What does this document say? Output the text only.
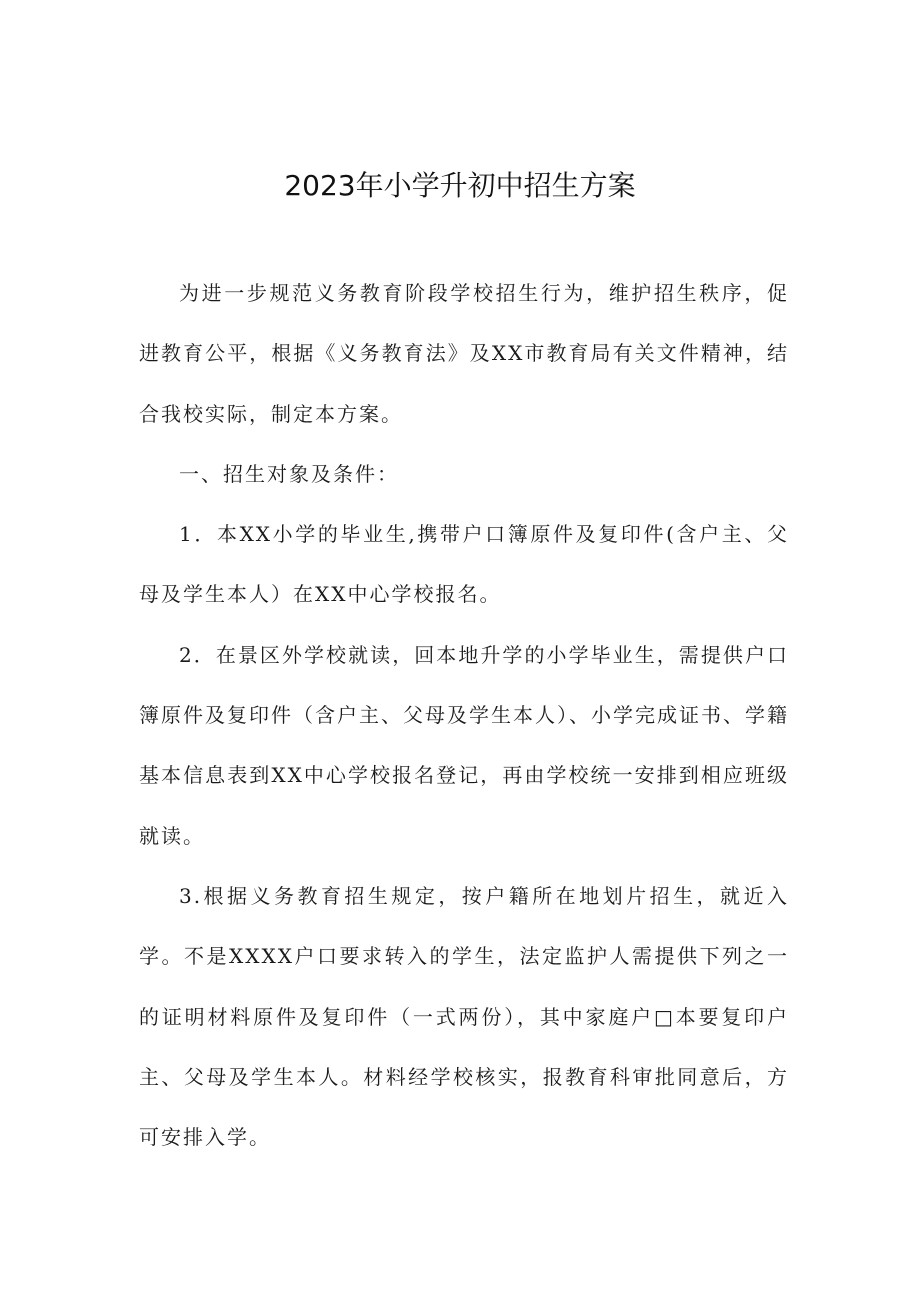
2023年小学升初中招生方案

为进一步规范义务教育阶段学校招生行为，维护招生秩序，促进教育公平，根据《义务教育法》及XX市教育局有关文件精神，结合我校实际，制定本方案。

一、招生对象及条件：

1．本XX小学的毕业生,携带户口簿原件及复印件(含户主、父母及学生本人）在XX中心学校报名。

2．在景区外学校就读，回本地升学的小学毕业生，需提供户口簿原件及复印件（含户主、父母及学生本人）、小学完成证书、学籍基本信息表到XX中心学校报名登记，再由学校统一安排到相应班级就读。

3.根据义务教育招生规定，按户籍所在地划片招生，就近入学。不是XXXX户口要求转入的学生，法定监护人需提供下列之一的证明材料原件及复印件（一式两份），其中家庭户□本要复印户主、父母及学生本人。材料经学校核实，报教育科审批同意后，方可安排入学。
